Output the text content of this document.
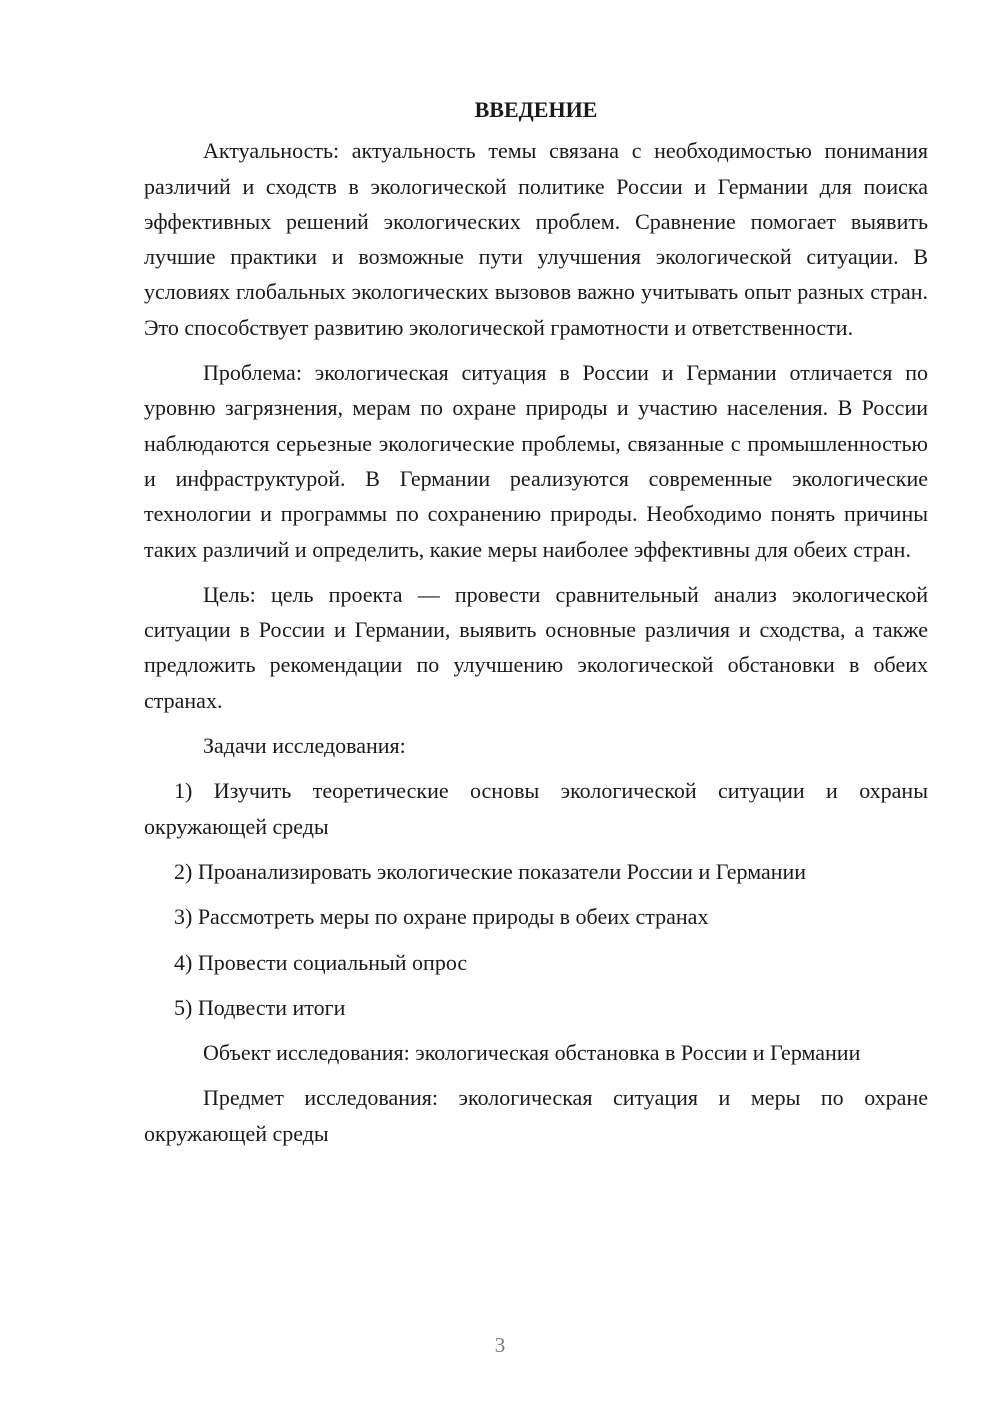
ВВЕДЕНИЕ

Актуальность: актуальность темы связана с необходимостью понимания различий и сходств в экологической политике России и Германии для поиска эффективных решений экологических проблем. Сравнение помогает выявить лучшие практики и возможные пути улучшения экологической ситуации. В условиях глобальных экологических вызовов важно учитывать опыт разных стран. Это способствует развитию экологической грамотности и ответственности.

Проблема: экологическая ситуация в России и Германии отличается по уровню загрязнения, мерам по охране природы и участию населения. В России наблюдаются серьезные экологические проблемы, связанные с промышленностью и инфраструктурой. В Германии реализуются современные экологические технологии и программы по сохранению природы. Необходимо понять причины таких различий и определить, какие меры наиболее эффективны для обеих стран.

Цель: цель проекта — провести сравнительный анализ экологической ситуации в России и Германии, выявить основные различия и сходства, а также предложить рекомендации по улучшению экологической обстановки в обеих странах.

Задачи исследования:

1) Изучить теоретические основы экологической ситуации и охраны окружающей среды

2) Проанализировать экологические показатели России и Германии

3) Рассмотреть меры по охране природы в обеих странах

4) Провести социальный опрос

5) Подвести итоги

Объект исследования: экологическая обстановка в России и Германии

Предмет исследования: экологическая ситуация и меры по охране окружающей среды

3
